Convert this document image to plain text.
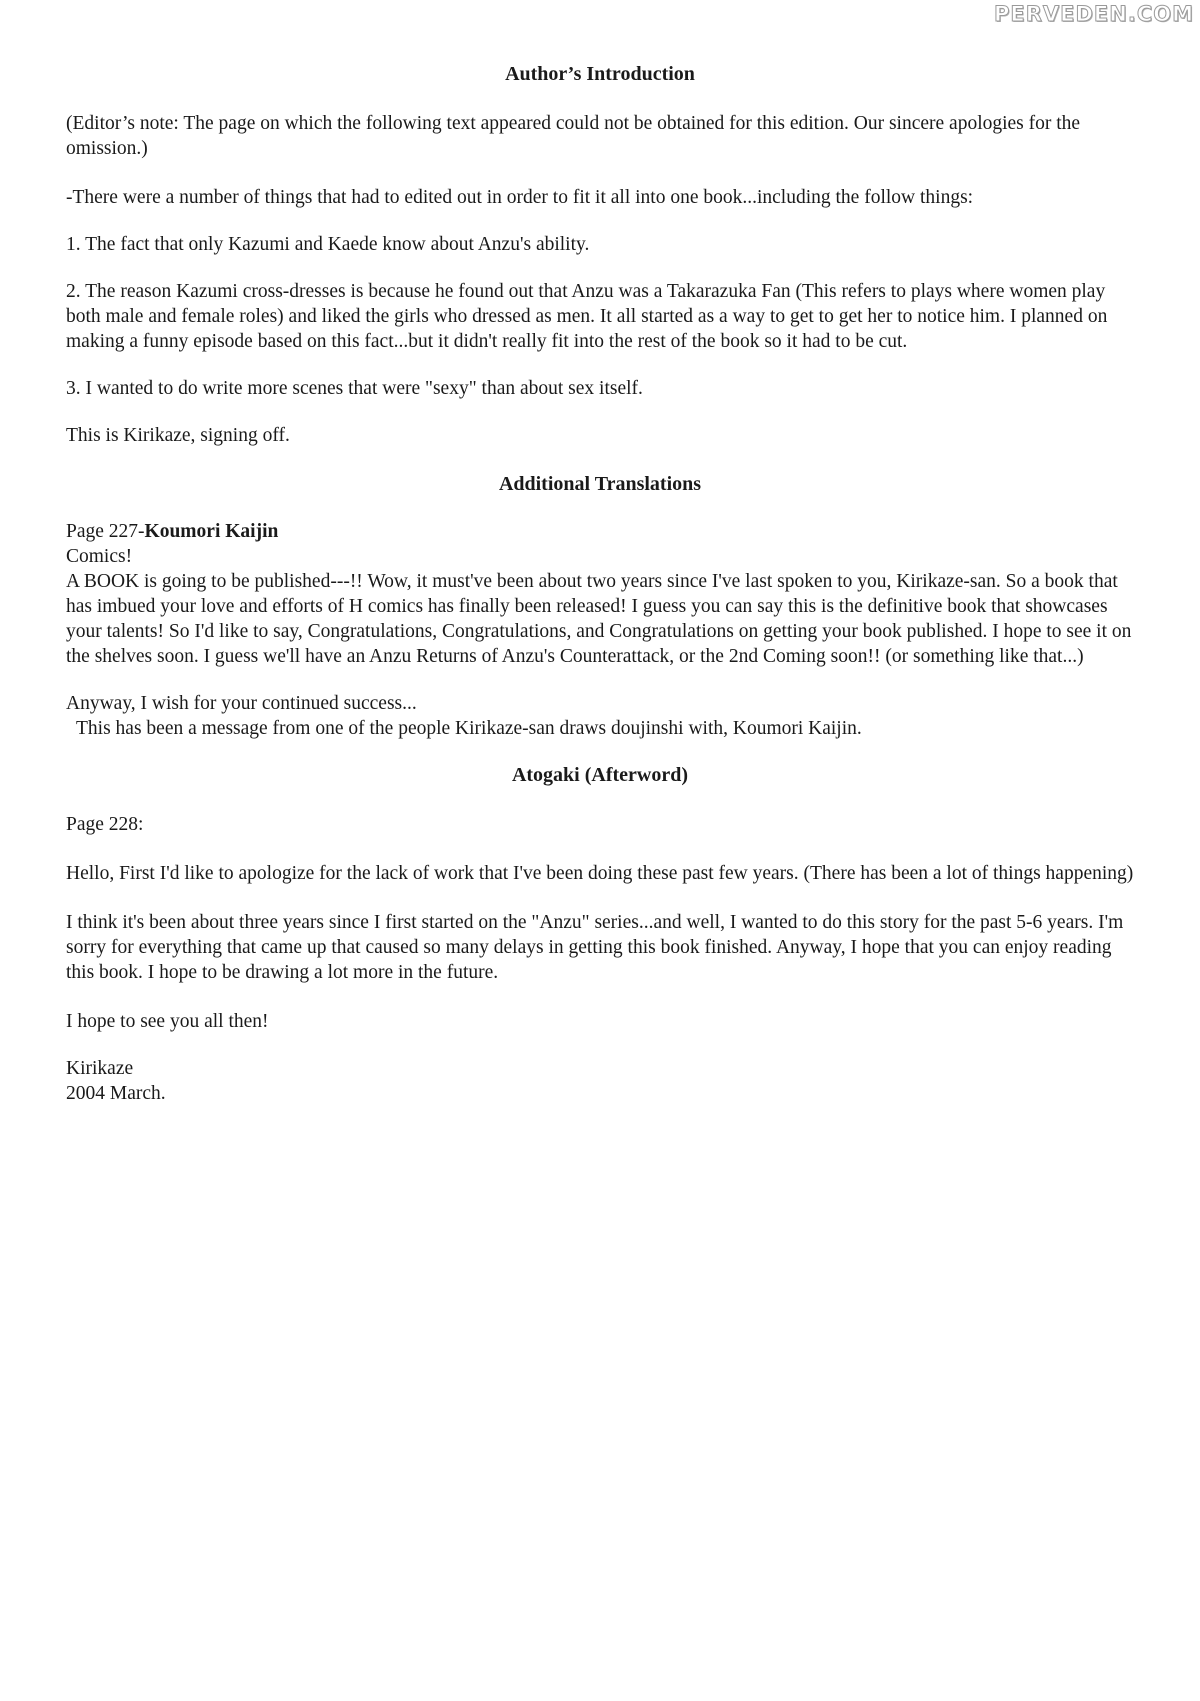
PERVEDEN.COM
Author’s Introduction

(Editor’s note: The page on which the following text appeared could not be obtained for this edition. Our sincere apologies for the omission.)

-There were a number of things that had to edited out in order to fit it all into one book...including the follow things:

1. The fact that only Kazumi and Kaede know about Anzu's ability.

2. The reason Kazumi cross-dresses is because he found out that Anzu was a Takarazuka Fan (This refers to plays where women play both male and female roles) and liked the girls who dressed as men. It all started as a way to get to get her to notice him. I planned on making a funny episode based on this fact...but it didn't really fit into the rest of the book so it had to be cut.

3. I wanted to do write more scenes that were "sexy" than about sex itself.

This is Kirikaze, signing off.

Additional Translations

Page 227-Koumori Kaijin

Comics!

A BOOK is going to be published---!! Wow, it must've been about two years since I've last spoken to you, Kirikaze-san. So a book that has imbued your love and efforts of H comics has finally been released! I guess you can say this is the definitive book that showcases your talents! So I'd like to say, Congratulations, Congratulations, and Congratulations on getting your book published. I hope to see it on the shelves soon. I guess we'll have an Anzu Returns of Anzu's Counterattack, or the 2nd Coming soon!! (or something like that...)

Anyway, I wish for your continued success...

This has been a message from one of the people Kirikaze-san draws doujinshi with, Koumori Kaijin.

Atogaki (Afterword)

Page 228:

Hello, First I'd like to apologize for the lack of work that I've been doing these past few years. (There has been a lot of things happening)

I think it's been about three years since I first started on the "Anzu" series...and well, I wanted to do this story for the past 5-6 years. I'm sorry for everything that came up that caused so many delays in getting this book finished. Anyway, I hope that you can enjoy reading this book. I hope to be drawing a lot more in the future.

I hope to see you all then!

Kirikaze

2004 March.
